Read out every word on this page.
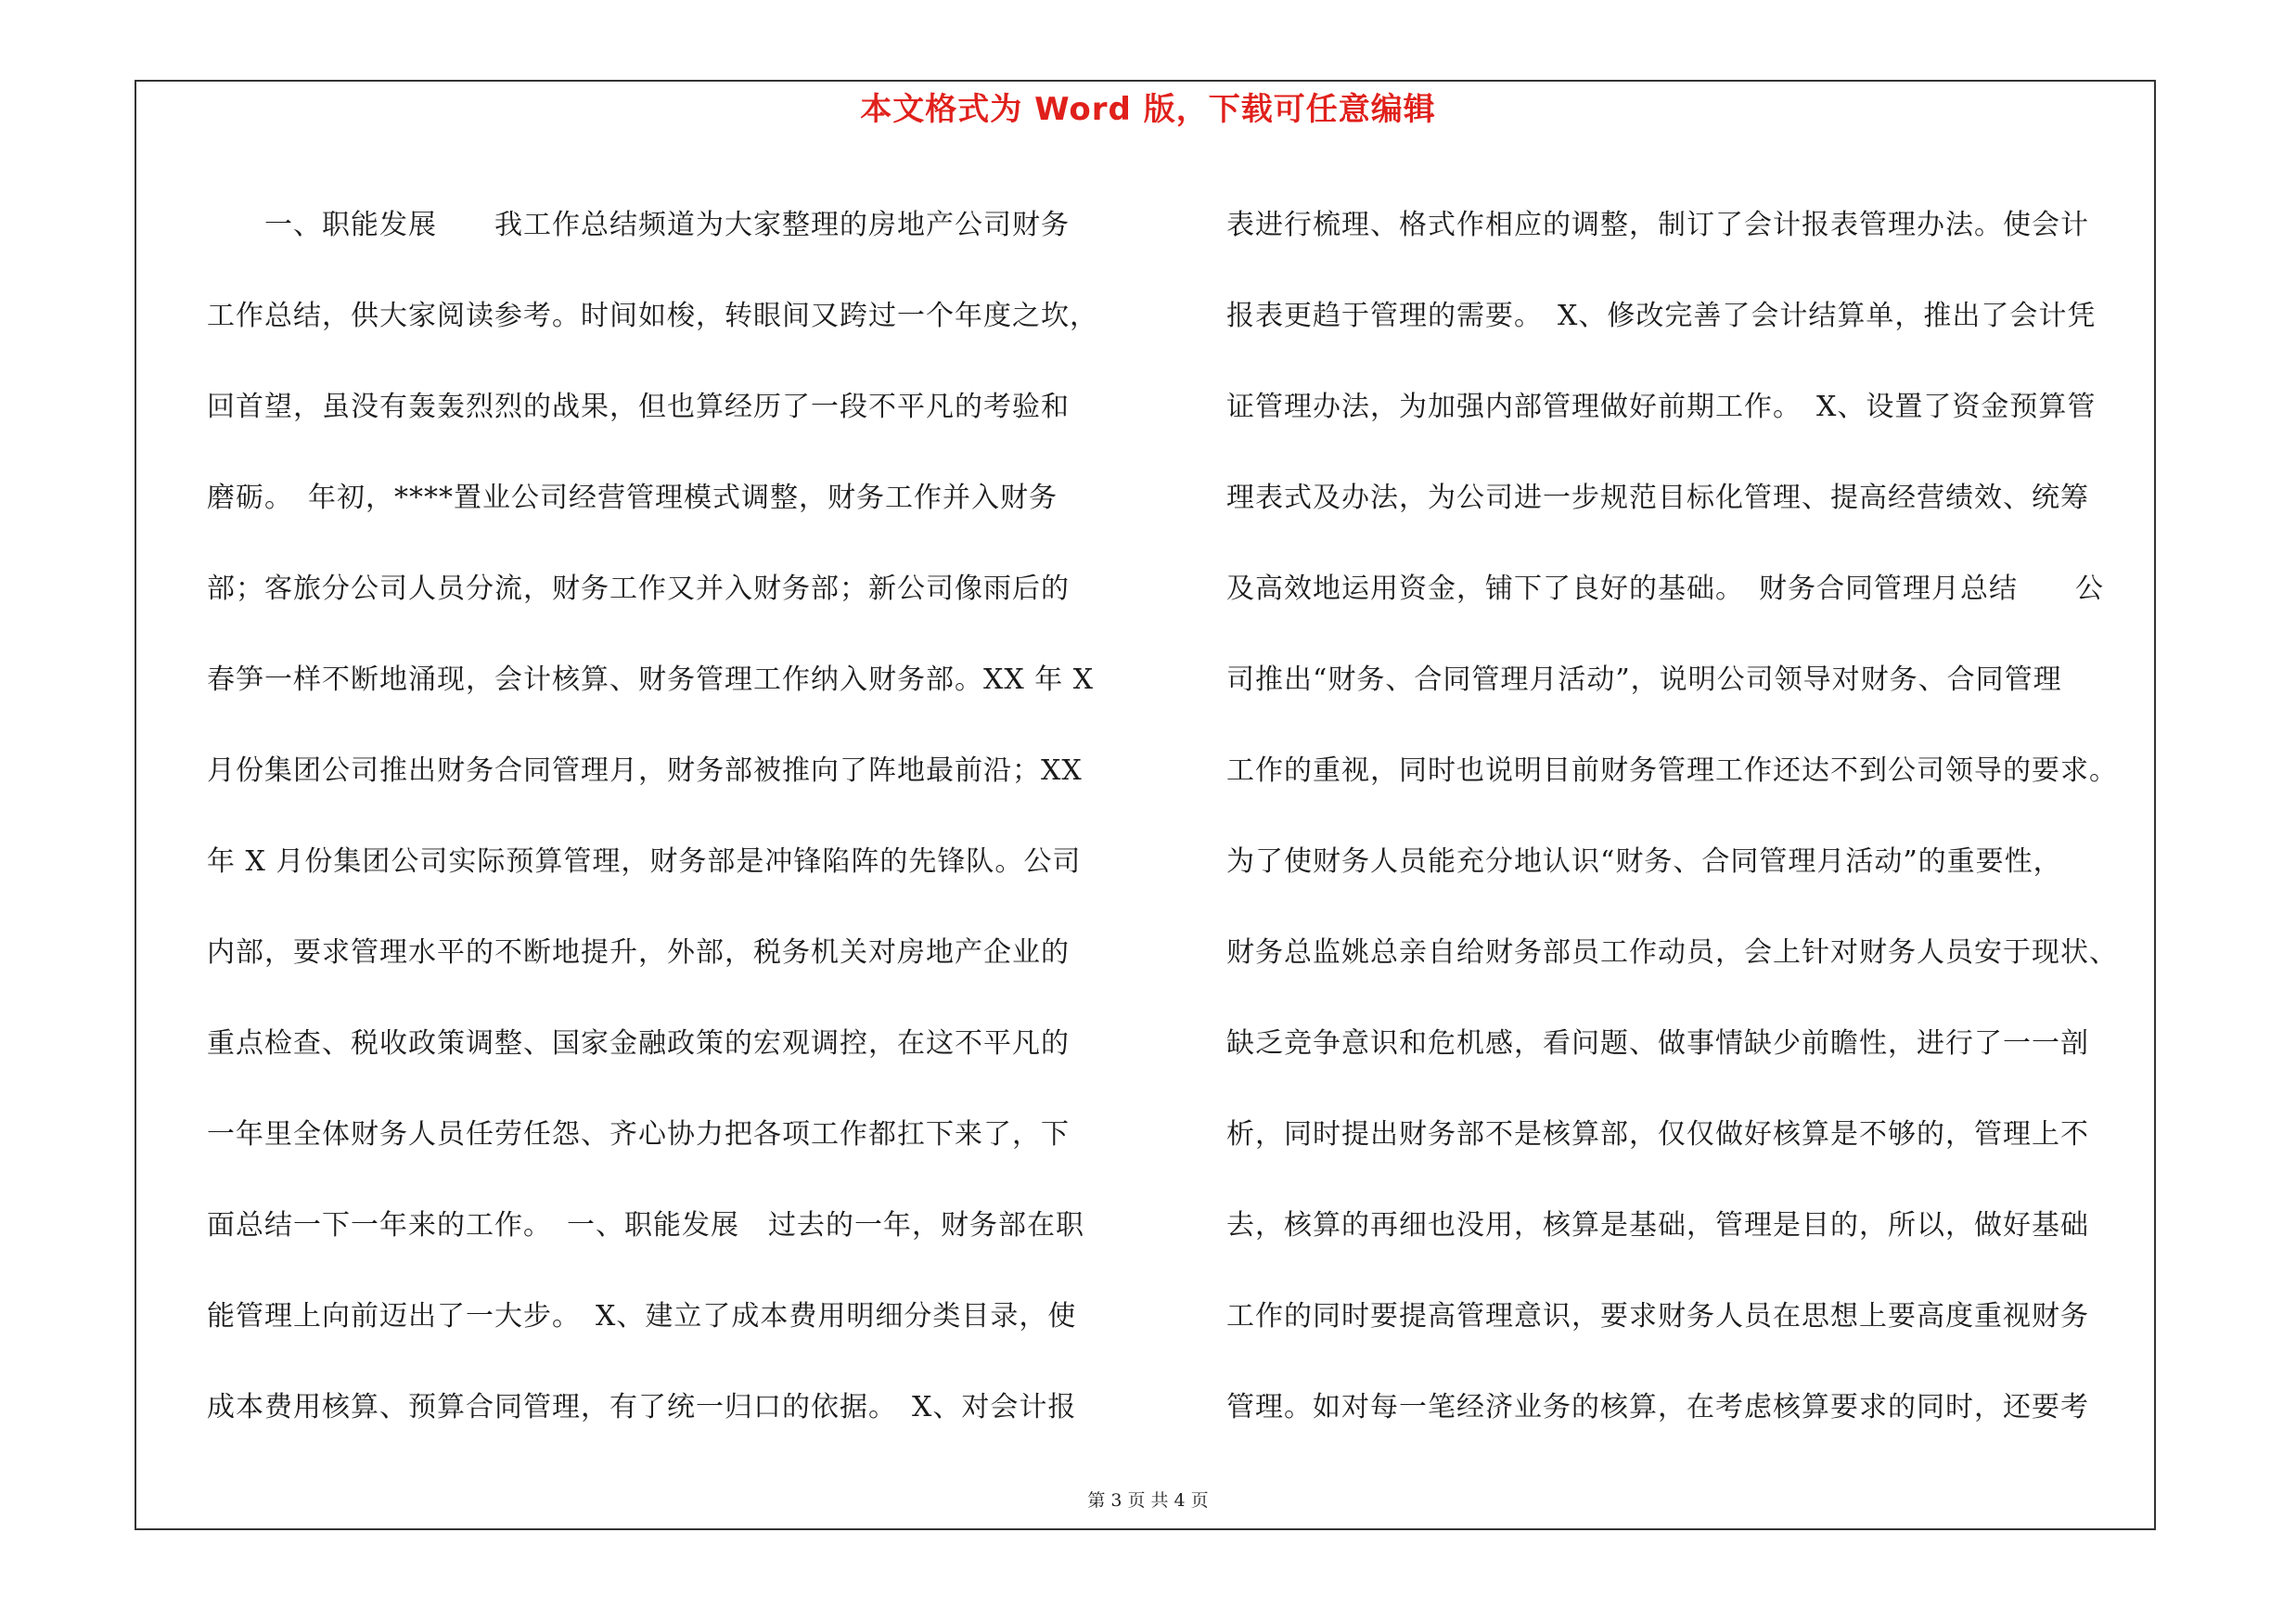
本文格式为 Word 版，下载可任意编辑
　　一、职能发展　　我工作总结频道为大家整理的房地产公司财务
工作总结，供大家阅读参考。时间如梭，转眼间又跨过一个年度之坎，
回首望，虽没有轰轰烈烈的战果，但也算经历了一段不平凡的考验和
磨砺。　年初，****置业公司经营管理模式调整，财务工作并入财务
部；客旅分公司人员分流，财务工作又并入财务部；新公司像雨后的
春笋一样不断地涌现，会计核算、财务管理工作纳入财务部。XX 年 X
月份集团公司推出财务合同管理月，财务部被推向了阵地最前沿；XX
年 X 月份集团公司实际预算管理，财务部是冲锋陷阵的先锋队。公司
内部，要求管理水平的不断地提升，外部，税务机关对房地产企业的
重点检查、税收政策调整、国家金融政策的宏观调控，在这不平凡的
一年里全体财务人员任劳任怨、齐心协力把各项工作都扛下来了，下
面总结一下一年来的工作。　一、职能发展　过去的一年，财务部在职
能管理上向前迈出了一大步。　X、建立了成本费用明细分类目录，使
成本费用核算、预算合同管理，有了统一归口的依据。　X、对会计报
表进行梳理、格式作相应的调整，制订了会计报表管理办法。使会计
报表更趋于管理的需要。　X、修改完善了会计结算单，推出了会计凭
证管理办法，为加强内部管理做好前期工作。　X、设置了资金预算管
理表式及办法，为公司进一步规范目标化管理、提高经营绩效、统筹
及高效地运用资金，铺下了良好的基础。　财务合同管理月总结　　公
司推出“财务、合同管理月活动”，说明公司领导对财务、合同管理
工作的重视，同时也说明目前财务管理工作还达不到公司领导的要求。
为了使财务人员能充分地认识“财务、合同管理月活动”的重要性，
财务总监姚总亲自给财务部员工作动员，会上针对财务人员安于现状、
缺乏竞争意识和危机感，看问题、做事情缺少前瞻性，进行了一一剖
析，同时提出财务部不是核算部，仅仅做好核算是不够的，管理上不
去，核算的再细也没用，核算是基础，管理是目的，所以，做好基础
工作的同时要提高管理意识，要求财务人员在思想上要高度重视财务
管理。如对每一笔经济业务的核算，在考虑核算要求的同时，还要考
第 3 页 共 4 页
